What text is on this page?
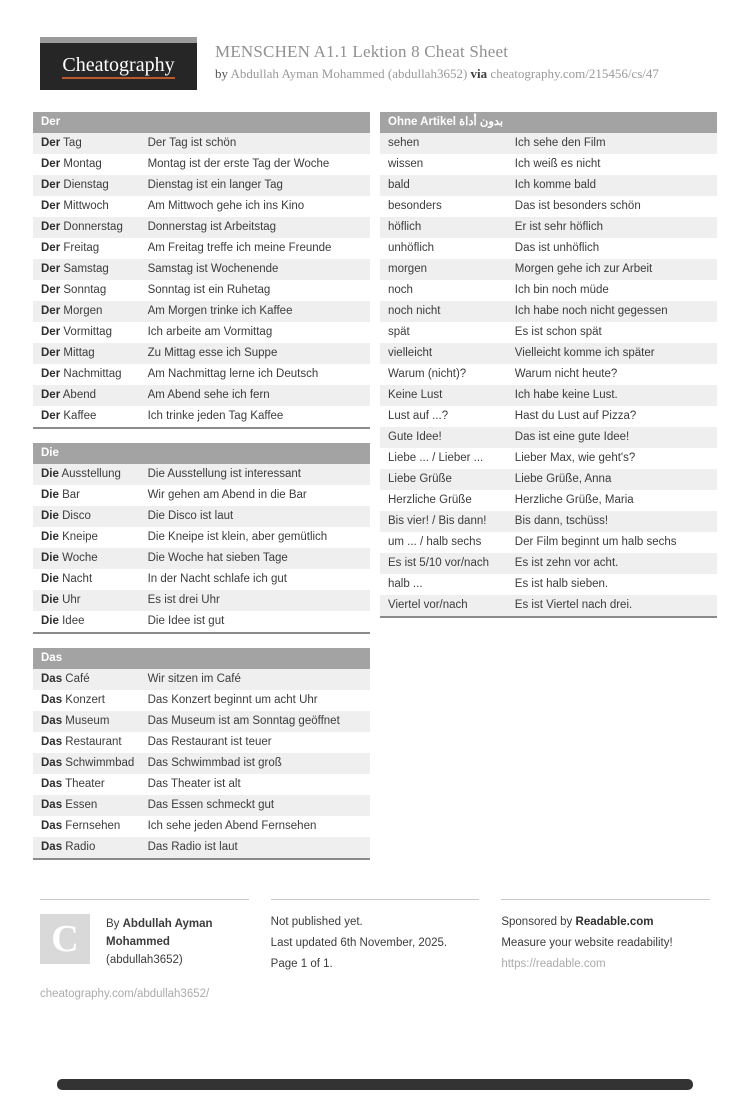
Cheatography
MENSCHEN A1.1 Lektion 8 Cheat Sheet
by Abdullah Ayman Mohammed (abdullah3652) via cheatography.com/215456/cs/47
Der
Der Tag	Der Tag ist schön
Der Montag	Montag ist der erste Tag der Woche
Der Dienstag	Dienstag ist ein langer Tag
Der Mittwoch	Am Mittwoch gehe ich ins Kino
Der Donnerstag	Donnerstag ist Arbeitstag
Der Freitag	Am Freitag treffe ich meine Freunde
Der Samstag	Samstag ist Wochenende
Der Sonntag	Sonntag ist ein Ruhetag
Der Morgen	Am Morgen trinke ich Kaffee
Der Vormittag	Ich arbeite am Vormittag
Der Mittag	Zu Mittag esse ich Suppe
Der Nachmittag	Am Nachmittag lerne ich Deutsch
Der Abend	Am Abend sehe ich fern
Der Kaffee	Ich trinke jeden Tag Kaffee
Die
Die Ausstellung	Die Ausstellung ist interessant
Die Bar	Wir gehen am Abend in die Bar
Die Disco	Die Disco ist laut
Die Kneipe	Die Kneipe ist klein, aber gemütlich
Die Woche	Die Woche hat sieben Tage
Die Nacht	In der Nacht schlafe ich gut
Die Uhr	Es ist drei Uhr
Die Idee	Die Idee ist gut
Das
Das Café	Wir sitzen im Café
Das Konzert	Das Konzert beginnt um acht Uhr
Das Museum	Das Museum ist am Sonntag geöffnet
Das Restaurant	Das Restaurant ist teuer
Das Schwimmbad	Das Schwimmbad ist groß
Das Theater	Das Theater ist alt
Das Essen	Das Essen schmeckt gut
Das Fernsehen	Ich sehe jeden Abend Fernsehen
Das Radio	Das Radio ist laut
Ohne Artikel بدون أداة
sehen	Ich sehe den Film
wissen	Ich weiß es nicht
bald	Ich komme bald
besonders	Das ist besonders schön
höflich	Er ist sehr höflich
unhöflich	Das ist unhöflich
morgen	Morgen gehe ich zur Arbeit
noch	Ich bin noch müde
noch nicht	Ich habe noch nicht gegessen
spät	Es ist schon spät
vielleicht	Vielleicht komme ich später
Warum (nicht)?	Warum nicht heute?
Keine Lust	Ich habe keine Lust.
Lust auf ...?	Hast du Lust auf Pizza?
Gute Idee!	Das ist eine gute Idee!
Liebe ... / Lieber ...	Lieber Max, wie geht's?
Liebe Grüße	Liebe Grüße, Anna
Herzliche Grüße	Herzliche Grüße, Maria
Bis vier! / Bis dann!	Bis dann, tschüss!
um ... / halb sechs	Der Film beginnt um halb sechs
Es ist 5/10 vor/nach	Es ist zehn vor acht.
halb ...	Es ist halb sieben.
Viertel vor/nach	Es ist Viertel nach drei.
C By Abdullah Ayman Mohammed (abdullah3652)
cheatography.com/abdullah3652/

Not published yet.

Last updated 6th November, 2025.

Page 1 of 1.

Sponsored by Readable.com

Measure your website readability!

https://readable.com
